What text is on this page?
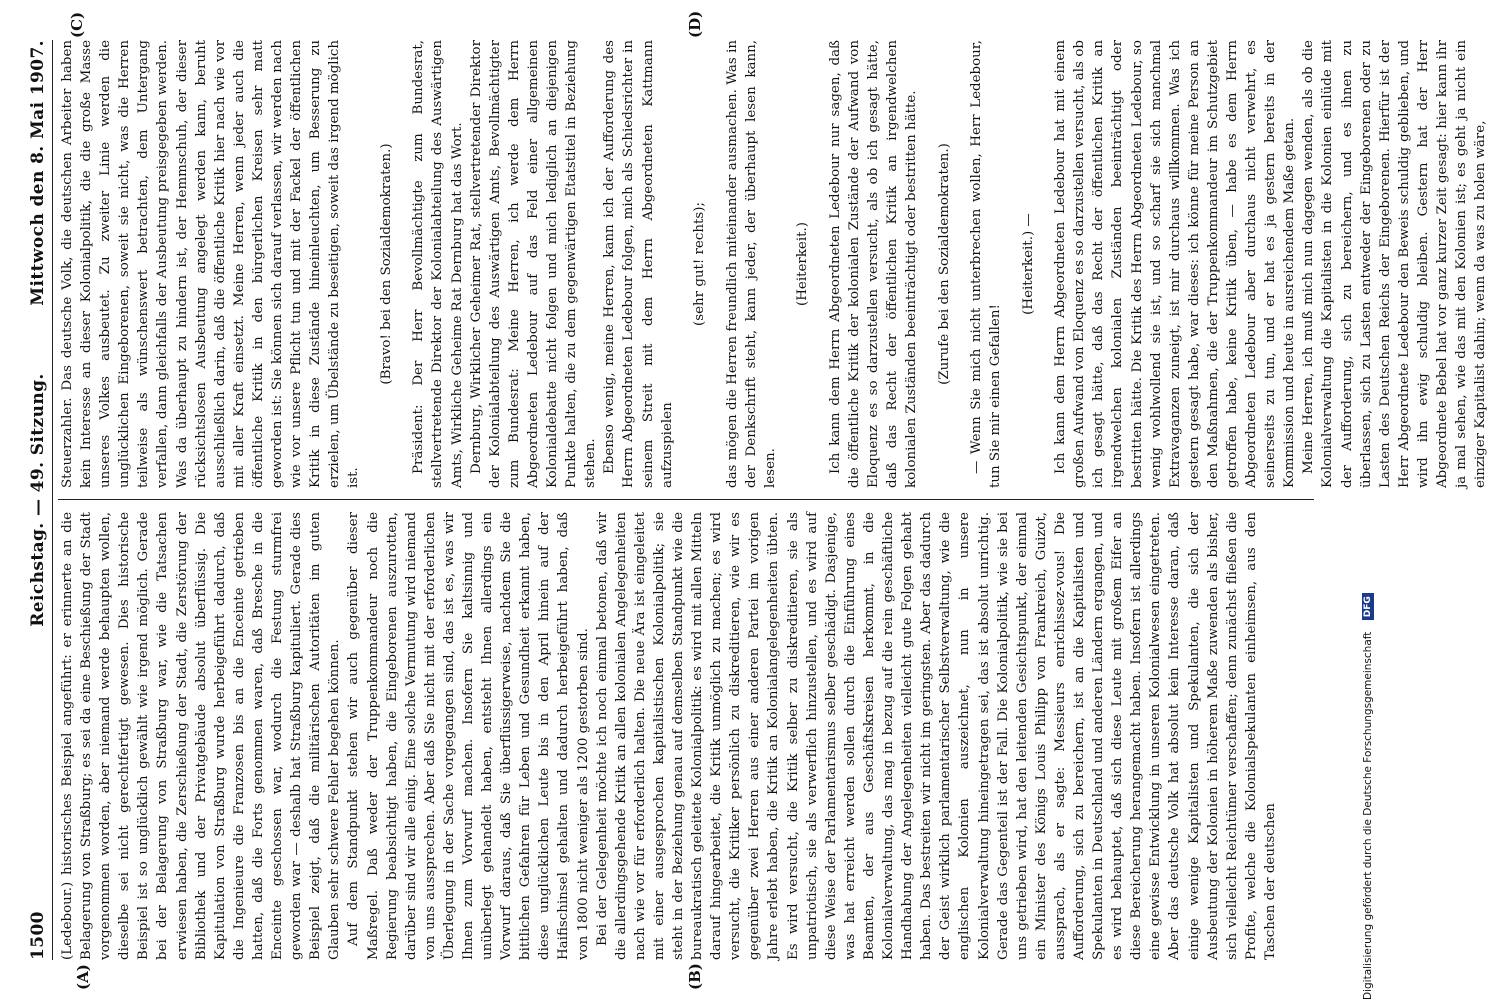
1500
Reichstag. — 49. Sitzung.
Mittwoch den 8. Mai 1907.
(A)	(B)
(C)	(D)

(Ledebour.) historisches Beispiel angeführt: er erinnerte an die Belagerung von Straßburg; es sei da eine Beschießung der Stadt vorgenommen worden, aber niemand werde behaupten wollen, dieselbe sei nicht gerechtfertigt gewesen. Dies historische Beispiel ist so unglücklich gewählt wie irgend möglich. Gerade bei der Belagerung von Straßburg war, wie die Tatsachen erwiesen haben, die Zerschießung der Stadt, die Zerstörung der Bibliothek und der Privatgebäude absolut überflüssig. Die Kapitulation von Straßburg wurde herbeigeführt dadurch, daß die Ingenieure die Franzosen bis an die Enceinte getrieben hatten, daß die Forts genommen waren, daß Bresche in die Enceinte geschossen war, wodurch die Festung sturmfrei geworden war — deshalb hat Straßburg kapituliert. Gerade dies Beispiel zeigt, daß die militärischen Autoritäten im guten Glauben sehr schwere Fehler begehen können. Auf dem Standpunkt stehen wir auch gegenüber dieser Maßregel. Daß weder der Truppenkommandeur noch die Regierung beabsichtigt haben, die Eingeborenen auszurotten, darüber sind wir alle einig. Eine solche Vermutung wird niemand von uns aussprechen. Aber daß Sie nicht mit der erforderlichen Überlegung in der Sache vorgegangen sind, das ist es, was wir Ihnen zum Vorwurf machen. Insofern Sie kaltsinnig und unüberlegt gehandelt haben, entsteht Ihnen allerdings ein Vorwurf daraus, daß Sie überflüssigerweise, nachdem Sie die bittlichen Gefahren für Leben und Gesundheit erkannt haben, diese unglücklichen Leute bis in den April hinein auf der Haifischinsel gehalten und dadurch herbeigeführt haben, daß von 1800 nicht weniger als 1200 gestorben sind. Bei der Gelegenheit möchte ich noch einmal betonen, daß wir die allerdingsgehende Kritik an allen kolonialen Angelegenheiten nach wie vor für erforderlich halten. Die neue Ära ist eingeleitet mit einer ausgesprochen kapitalistischen Kolonialpolitik; sie steht in der Beziehung genau auf demselben Standpunkt wie die bureaukratisch geleitete Kolonialpolitik: es wird mit allen Mitteln darauf hingearbeitet, die Kritik unmöglich zu machen; es wird versucht, die Kritiker persönlich zu diskreditieren, wie wir es gegenüber zwei Herren aus einer anderen Partei im vorigen Jahre erlebt haben, die Kritik an Kolonialangelegenheiten übten. Es wird versucht, die Kritik selber zu diskreditieren, sie als unpatriotisch, sie als verwerflich hinzustellen, und es wird auf diese Weise der Parlamentarismus selber geschädigt. Dasjenige, was hat erreicht werden sollen durch die Einführung eines Beamten, der aus Geschäftskreisen herkommt, in die Kolonialverwaltung, das mag in bezug auf die rein geschäftliche Handhabung der Angelegenheiten vielleicht gute Folgen gehabt haben. Das bestreiten wir nicht im geringsten. Aber das dadurch der Geist wirklich parlamentarischer Selbstverwaltung, wie die englischen Kolonien auszeichnet, nun in unsere Kolonialverwaltung hineingetragen sei, das ist absolut unrichtig. Gerade das Gegenteil ist der Fall. Die Kolonialpolitik, wie sie bei uns getrieben wird, hat den leitenden Gesichtspunkt, der einmal ein Minister des Königs Louis Philipp von Frankreich, Guizot, aussprach, als er sagte: Messieurs enrichissez-vous! Die Aufforderung, sich zu bereichern, ist an die Kapitalisten und Spekulanten in Deutschland und anderen Ländern ergangen, und es wird behauptet, daß sich diese Leute mit großem Eifer an diese Bereicherung herangemacht haben. Insofern ist allerdings eine gewisse Entwicklung in unseren Kolonialwesen eingetreten. Aber das deutsche Volk hat absolut kein Interesse daran, daß einige wenige Kapitalisten und Spekulanten, die sich der Ausbeutung der Kolonien in höherem Maße zuwenden als bisher, sich vielleicht Reichtümer verschaffen; denn zunächst fließen die Profite, welche die Kolonialspekulanten einheimsen, aus den Taschen der deutschen

Steuerzahler. Das deutsche Volk, die deutschen Arbeiter haben kein Interesse an dieser Kolonialpolitik, die die große Masse unseres Volkes ausbeutet. Zu zweiter Linie werden die unglücklichen Eingeborenen, soweit sie nicht, was die Herren teilweise als wünschenswert betrachten, dem Untergang verfallen, dann gleichfalls der Ausbeutung preisgegeben werden. Was da überhaupt zu hindern ist, der Hemmschuh, der dieser rücksichtslosen Ausbeutung angelegt werden kann, beruht ausschließlich darin, daß die öffentliche Kritik hier nach wie vor mit aller Kraft einsetzt. Meine Herren, wenn jeder auch die öffentliche Kritik in den bürgerlichen Kreisen sehr matt geworden ist: Sie können sich darauf verlassen, wir werden nach wie vor unsere Pflicht tun und mit der Fackel der öffentlichen Kritik in diese Zustände hineinleuchten, um Besserung zu erzielen, um Übelstände zu beseitigen, soweit das irgend möglich ist.

(Bravo! bei den Sozialdemokraten.) Präsident: Der Herr Bevollmächtigte zum Bundesrat, stellvertretende Direktor der Kolonialabteilung des Auswärtigen Amts, Wirkliche Geheime Rat Dernburg hat das Wort. Dernburg, Wirklicher Geheimer Rat, stellvertretender Direktor der Kolonialabteilung des Auswärtigen Amts, Bevollmächtigter zum Bundesrat: Meine Herren, ich werde dem Herrn Abgeordneten Ledebour auf das Feld einer allgemeinen Kolonialdebatte nicht folgen und mich lediglich an diejenigen Punkte halten, die zu dem gegenwärtigen Etatstitel in Beziehung stehen. Ebenso wenig, meine Herren, kann ich der Aufforderung des Herrn Abgeordneten Ledebour folgen, mich als Schiedsrichter in seinem Streit mit dem Herrn Abgeordneten Kattmann aufzuspielen

(sehr gut! rechts); das mögen die Herren freundlich miteinander ausmachen. Was in der Denkschrift steht, kann jeder, der überhaupt lesen kann, lesen.

(Heiterkeit.) Ich kann dem Herrn Abgeordneten Ledebour nur sagen, daß die öffentliche Kritik der kolonialen Zustände der Aufwand von Eloquenz es so darzustellen versucht, als ob ich gesagt hätte, daß das Recht der öffentlichen Kritik an irgendwelchen kolonialen Zuständen beeinträchtigt oder bestritten hätte. (Zurufe bei den Sozialdemokraten.) — Wenn Sie mich nicht unterbrechen wollen, Herr Ledebour, tun Sie mir einen Gefallen!

(Heiterkeit.) — Ich kann dem Herrn Abgeordneten Ledebour hat mit einem großen Aufwand von Eloquenz es so darzustellen versucht, als ob ich gesagt hätte, daß das Recht der öffentlichen Kritik an irgendwelchen kolonialen Zuständen beeinträchtigt oder bestritten hätte. Die Kritik des Herrn Abgeordneten Ledebour, so wenig wohlwollend sie ist, und so scharf sie sich manchmal Extravaganzen zuneigt, ist mir durchaus willkommen. Was ich gestern gesagt habe, war dieses: ich könne für meine Person an den Maßnahmen, die der Truppenkommandeur im Schutzgebiet getroffen habe, keine Kritik üben, — habe es dem Herrn Abgeordneten Ledebour aber durchaus nicht verwehrt, es seinerseits zu tun, und er hat es ja gestern bereits in der Kommission und heute in ausreichendem Maße getan. Meine Herren, ich muß mich nun dagegen wenden, als ob die Kolonialverwaltung die Kapitalisten in die Kolonien einlüde mit der Aufforderung, sich zu bereichern, und es ihnen zu überlassen, sich zu Lasten entweder der Eingeborenen oder zu Lasten des Deutschen Reichs der Eingeborenen. Hierfür ist der Herr Abgeordnete Ledebour den Beweis schuldig geblieben, und wird ihn ewig schuldig bleiben. Gestern hat der Herr Abgeordnete Bebel hat vor ganz kurzer Zeit gesagt: hier kann ihr ja mal sehen, wie das mit den Kolonien ist; es geht ja nicht ein einziger Kapitalist dahin; wenn da was zu holen wäre,

Digitalisierung gefördert durch die Deutsche Forschungsgemeinschaft DFG
